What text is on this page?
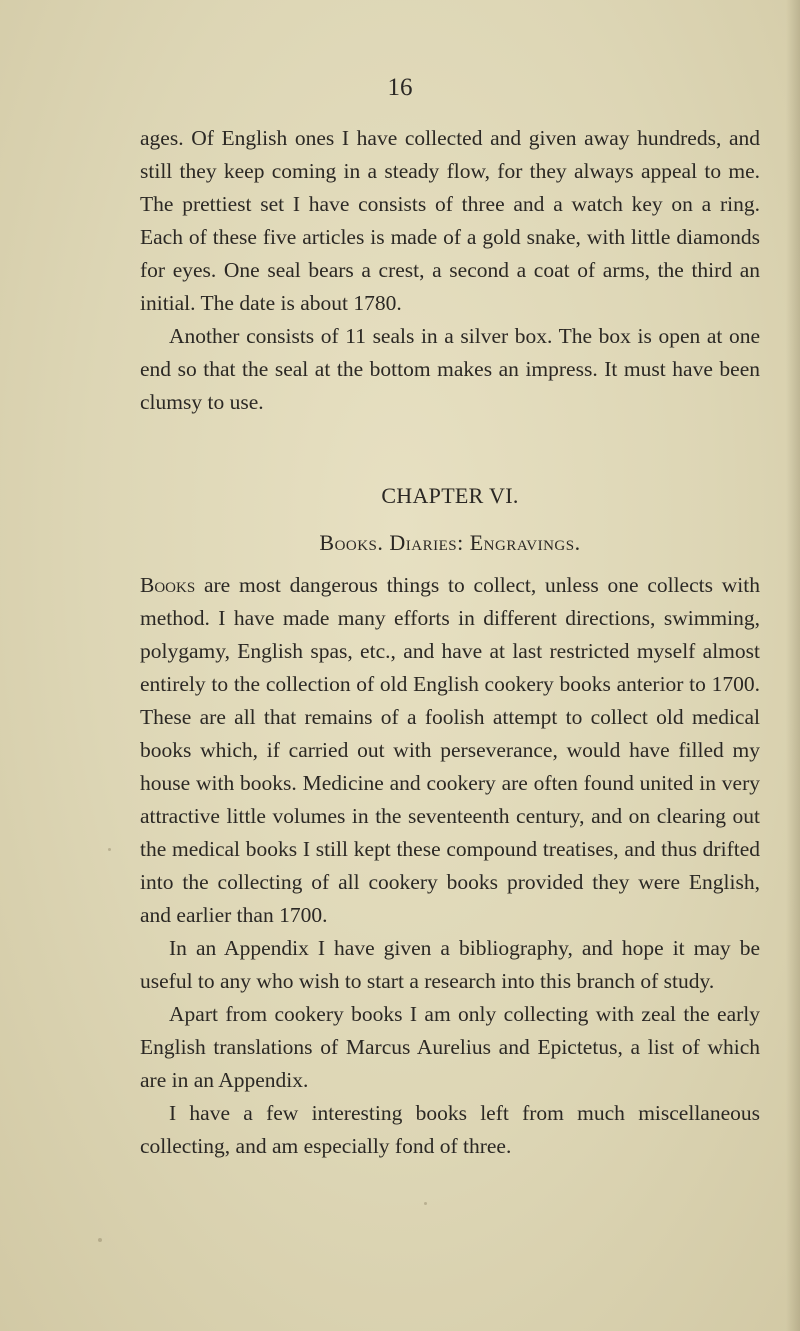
16

ages. Of English ones I have collected and given away hundreds, and still they keep coming in a steady flow, for they always appeal to me. The prettiest set I have consists of three and a watch key on a ring. Each of these five articles is made of a gold snake, with little diamonds for eyes. One seal bears a crest, a second a coat of arms, the third an initial. The date is about 1780.

Another consists of 11 seals in a silver box. The box is open at one end so that the seal at the bottom makes an impress. It must have been clumsy to use.

CHAPTER VI.
Books. Diaries: Engravings.

Books are most dangerous things to collect, unless one collects with method. I have made many efforts in different directions, swimming, polygamy, English spas, etc., and have at last restricted myself almost entirely to the collection of old English cookery books anterior to 1700. These are all that remains of a foolish attempt to collect old medical books which, if carried out with perseverance, would have filled my house with books. Medicine and cookery are often found united in very attractive little volumes in the seventeenth century, and on clearing out the medical books I still kept these compound treatises, and thus drifted into the collecting of all cookery books provided they were English, and earlier than 1700.

In an Appendix I have given a bibliography, and hope it may be useful to any who wish to start a research into this branch of study.

Apart from cookery books I am only collecting with zeal the early English translations of Marcus Aurelius and Epictetus, a list of which are in an Appendix.

I have a few interesting books left from much miscellaneous collecting, and am especially fond of three.
